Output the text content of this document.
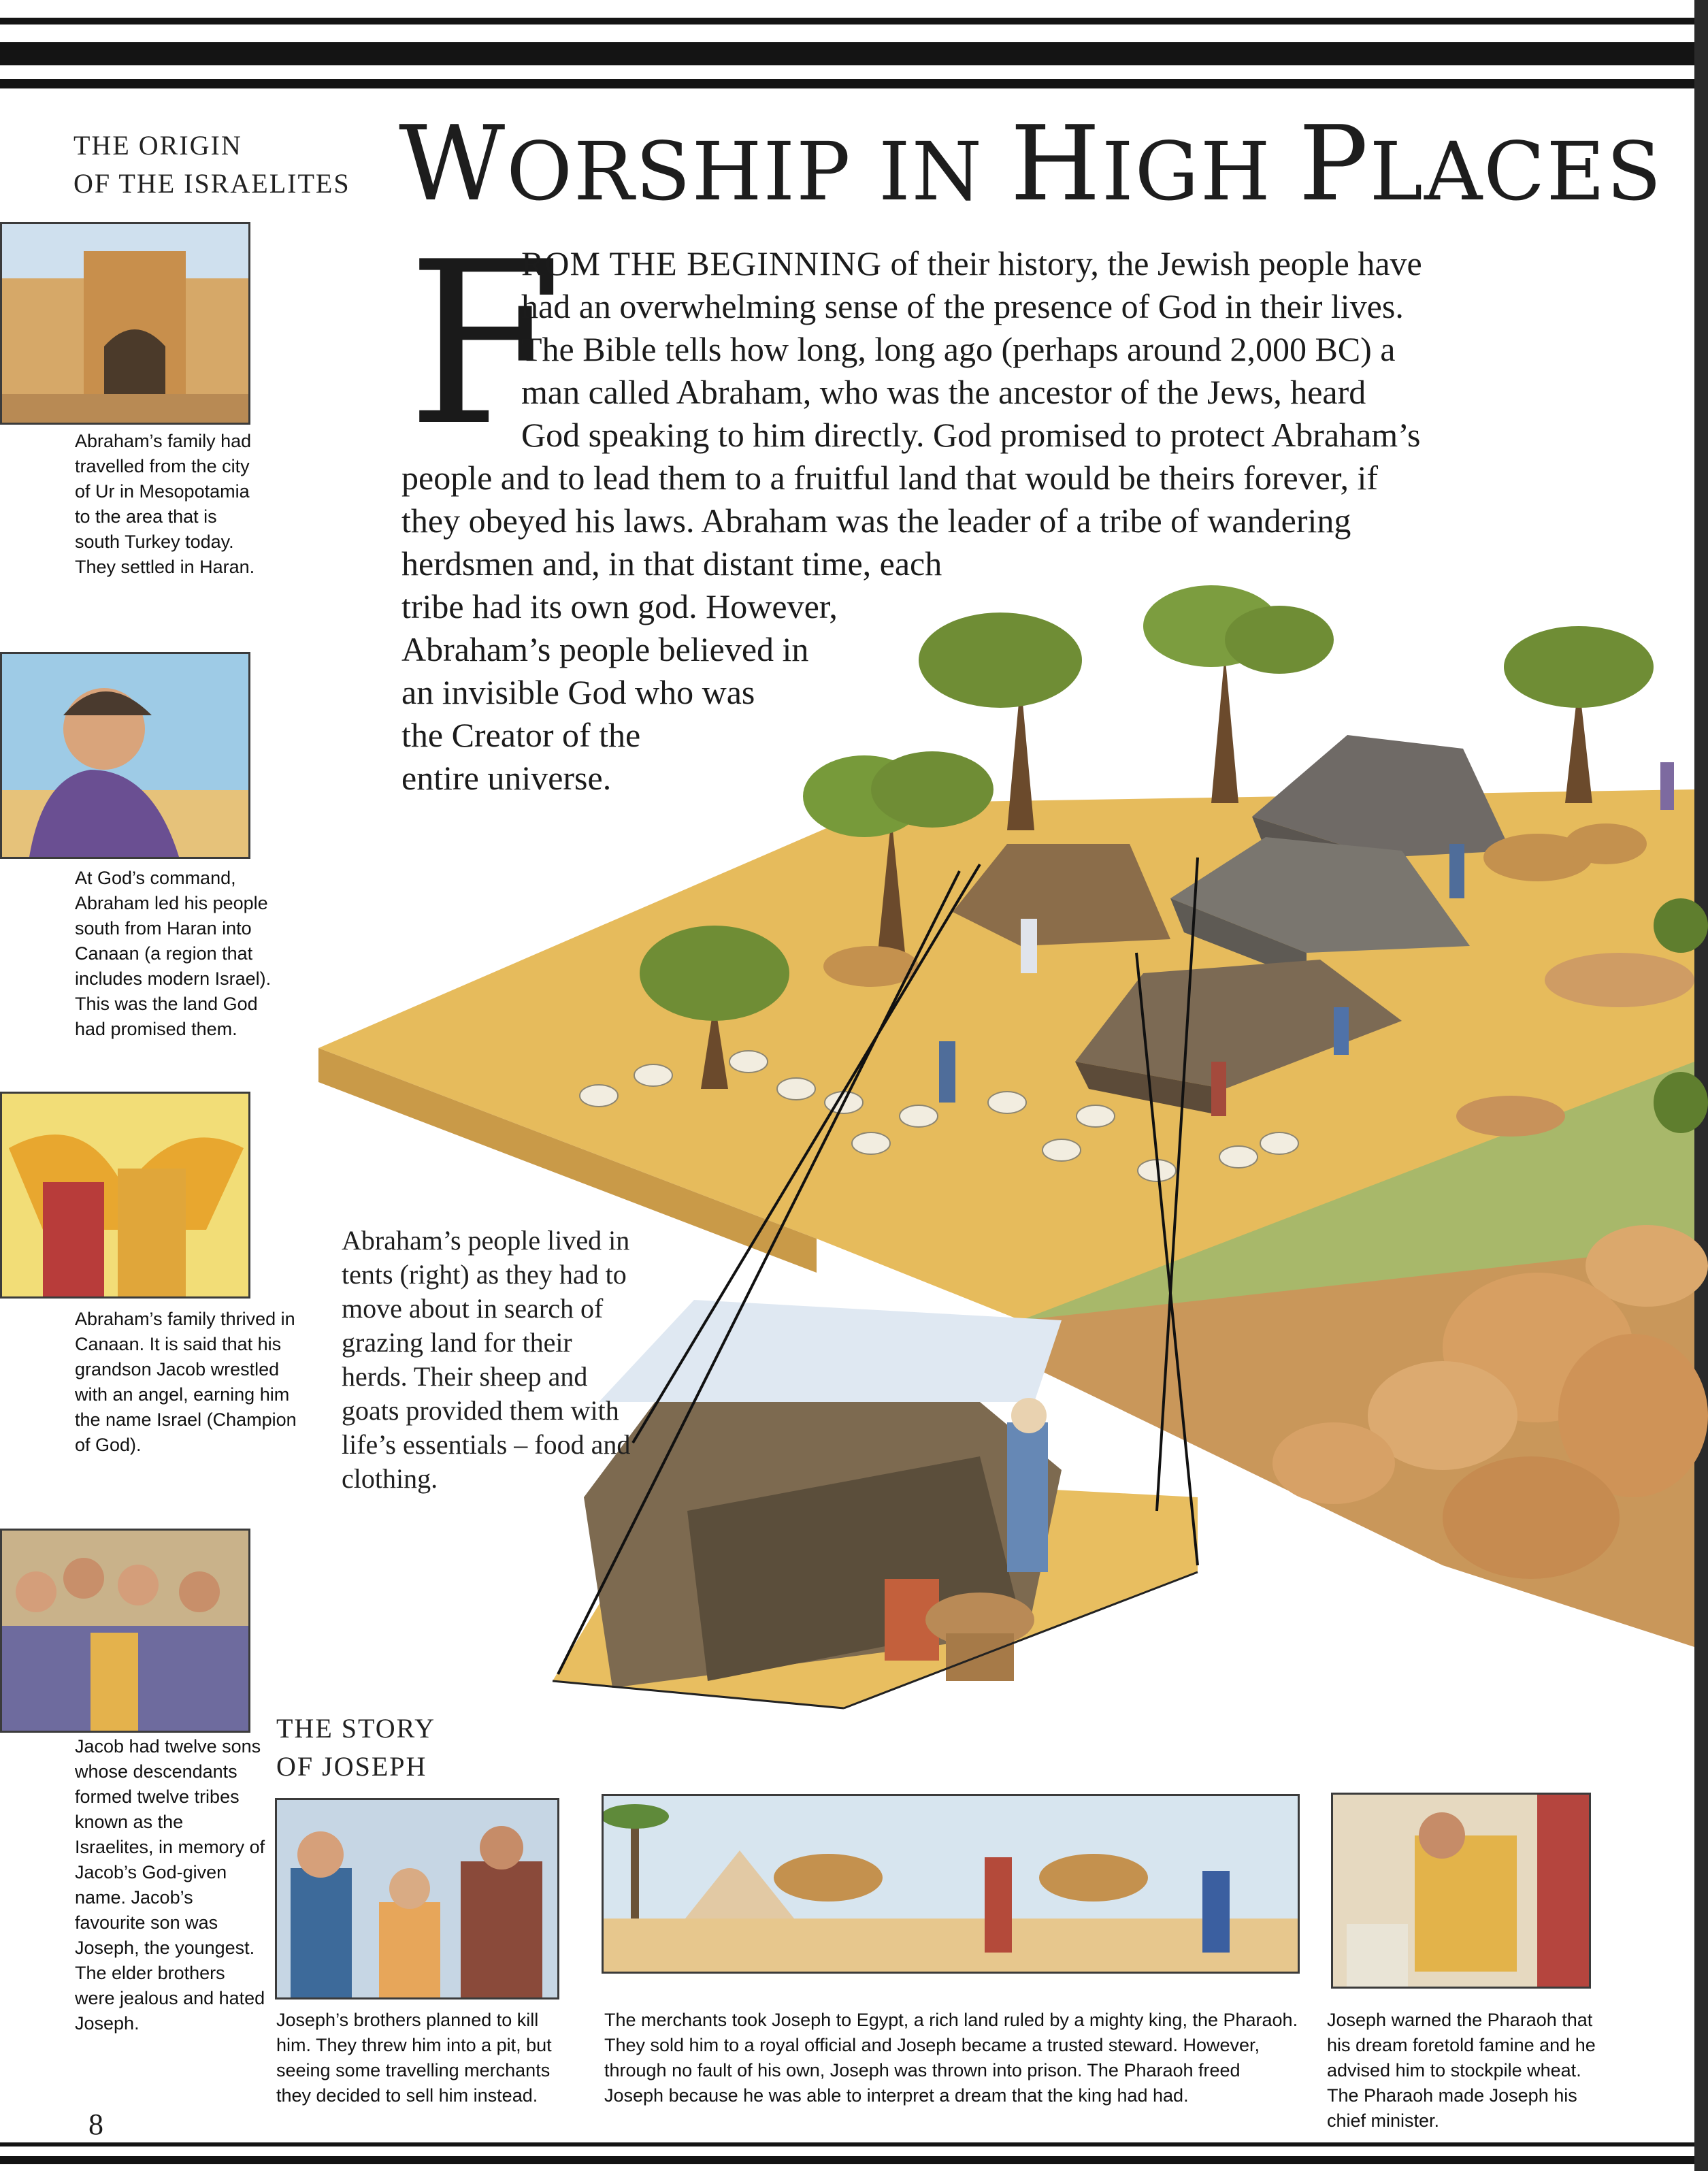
THE ORIGIN
OF THE ISRAELITES WORSHIP IN HIGH PLACES
F
ROM THE BEGINNING of their history, the Jewish people have
had an overwhelming sense of the presence of God in their lives.
The Bible tells how long, long ago (perhaps around 2,000 BC) a
man called Abraham, who was the ancestor of the Jews, heard
God speaking to him directly. God promised to protect Abraham’s
people and to lead them to a fruitful land that would be theirs forever, if
they obeyed his laws. Abraham was the leader of a tribe of wandering
herdsmen and, in that distant time, each
tribe had its own god. However,
Abraham’s people believed in
an invisible God who was
the Creator of the
entire universe.
Abraham’s people lived in tents (right) as they had to move about in search of grazing land for their herds. Their sheep and goats provided them with life’s essentials – food and clothing.
Abraham’s family had travelled from the city of Ur in Mesopotamia to the area that is south Turkey today. They settled in Haran.
At God’s command, Abraham led his people south from Haran into Canaan (a region that includes modern Israel). This was the land God had promised them.
Abraham’s family thrived in Canaan. It is said that his grandson Jacob wrestled with an angel, earning him the name Israel (Champion of God).
Jacob had twelve sons whose descendants formed twelve tribes known as the Israelites, in memory of Jacob’s God-given name. Jacob’s favourite son was Joseph, the youngest. The elder brothers were jealous and hated Joseph.
THE STORY
OF JOSEPH
Joseph’s brothers planned to kill him. They threw him into a pit, but seeing some travelling merchants they decided to sell him instead.
The merchants took Joseph to Egypt, a rich land ruled by a mighty king, the Pharaoh. They sold him to a royal official and Joseph became a trusted steward. However, through no fault of his own, Joseph was thrown into prison. The Pharaoh freed Joseph because he was able to interpret a dream that the king had had.
Joseph warned the Pharaoh that his dream foretold famine and he advised him to stockpile wheat. The Pharaoh made Joseph his chief minister.
8
